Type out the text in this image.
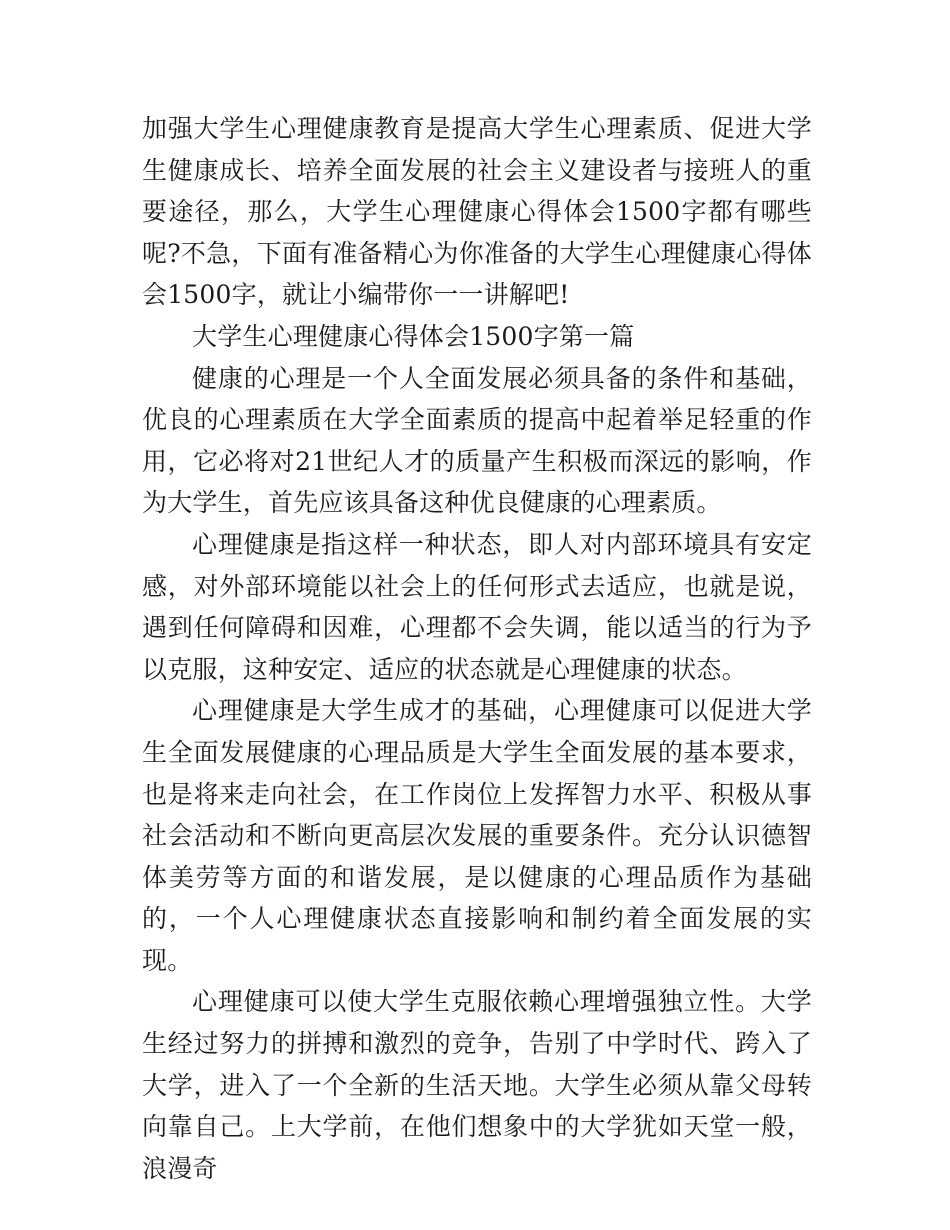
加强大学生心理健康教育是提高大学生心理素质、促进大学生健康成长、培养全面发展的社会主义建设者与接班人的重要途径，那么，大学生心理健康心得体会1500字都有哪些呢?不急，下面有准备精心为你准备的大学生心理健康心得体会1500字，就让小编带你一一讲解吧!

大学生心理健康心得体会1500字第一篇

健康的心理是一个人全面发展必须具备的条件和基础，优良的心理素质在大学全面素质的提高中起着举足轻重的作用，它必将对21世纪人才的质量产生积极而深远的影响，作为大学生，首先应该具备这种优良健康的心理素质。

心理健康是指这样一种状态，即人对内部环境具有安定感，对外部环境能以社会上的任何形式去适应，也就是说，遇到任何障碍和因难，心理都不会失调，能以适当的行为予以克服，这种安定、适应的状态就是心理健康的状态。

心理健康是大学生成才的基础，心理健康可以促进大学生全面发展健康的心理品质是大学生全面发展的基本要求，也是将来走向社会，在工作岗位上发挥智力水平、积极从事社会活动和不断向更高层次发展的重要条件。充分认识德智体美劳等方面的和谐发展，是以健康的心理品质作为基础的，一个人心理健康状态直接影响和制约着全面发展的实现。

心理健康可以使大学生克服依赖心理增强独立性。大学生经过努力的拼搏和激烈的竞争，告别了中学时代、跨入了大学，进入了一个全新的生活天地。大学生必须从靠父母转向靠自己。上大学前，在他们想象中的大学犹如天堂一般，浪漫奇
